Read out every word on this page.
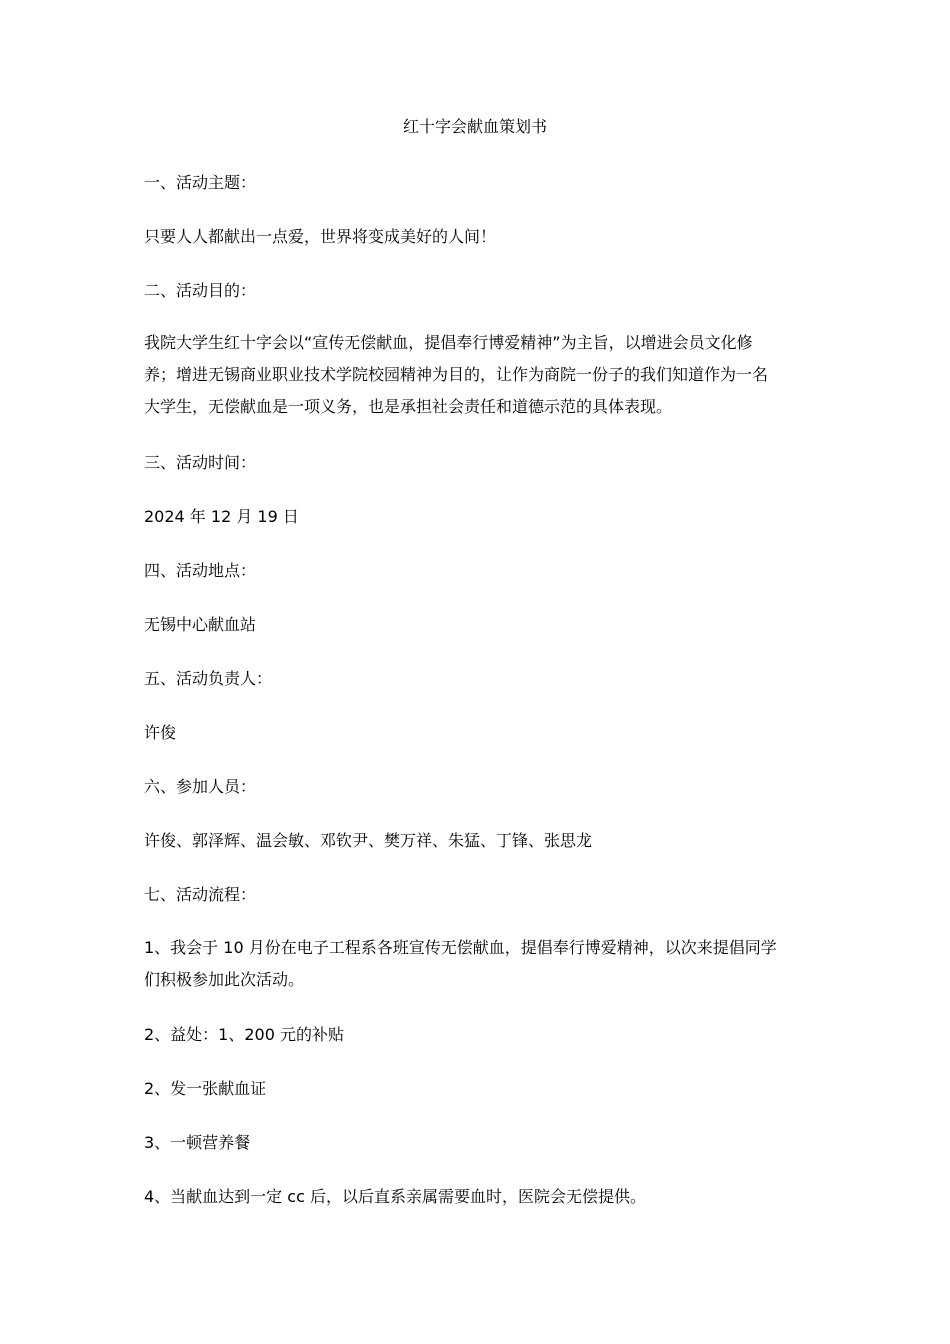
红十字会献血策划书
一、活动主题：
只要人人都献出一点爱，世界将变成美好的人间！
二、活动目的：
我院大学生红十字会以“宣传无偿献血，提倡奉行博爱精神”为主旨，以增进会员文化修
养；增进无锡商业职业技术学院校园精神为目的，让作为商院一份子的我们知道作为一名
大学生，无偿献血是一项义务，也是承担社会责任和道德示范的具体表现。
三、活动时间：
2024 年 12 月 19 日
四、活动地点：
无锡中心献血站
五、活动负责人：
许俊
六、参加人员：
许俊、郭泽辉、温会敏、邓钦尹、樊万祥、朱猛、丁锋、张思龙
七、活动流程：
1、我会于 10 月份在电子工程系各班宣传无偿献血，提倡奉行博爱精神，以次来提倡同学
们积极参加此次活动。
2、益处：1、200 元的补贴
2、发一张献血证
3、一顿营养餐
4、当献血达到一定 cc 后，以后直系亲属需要血时，医院会无偿提供。
